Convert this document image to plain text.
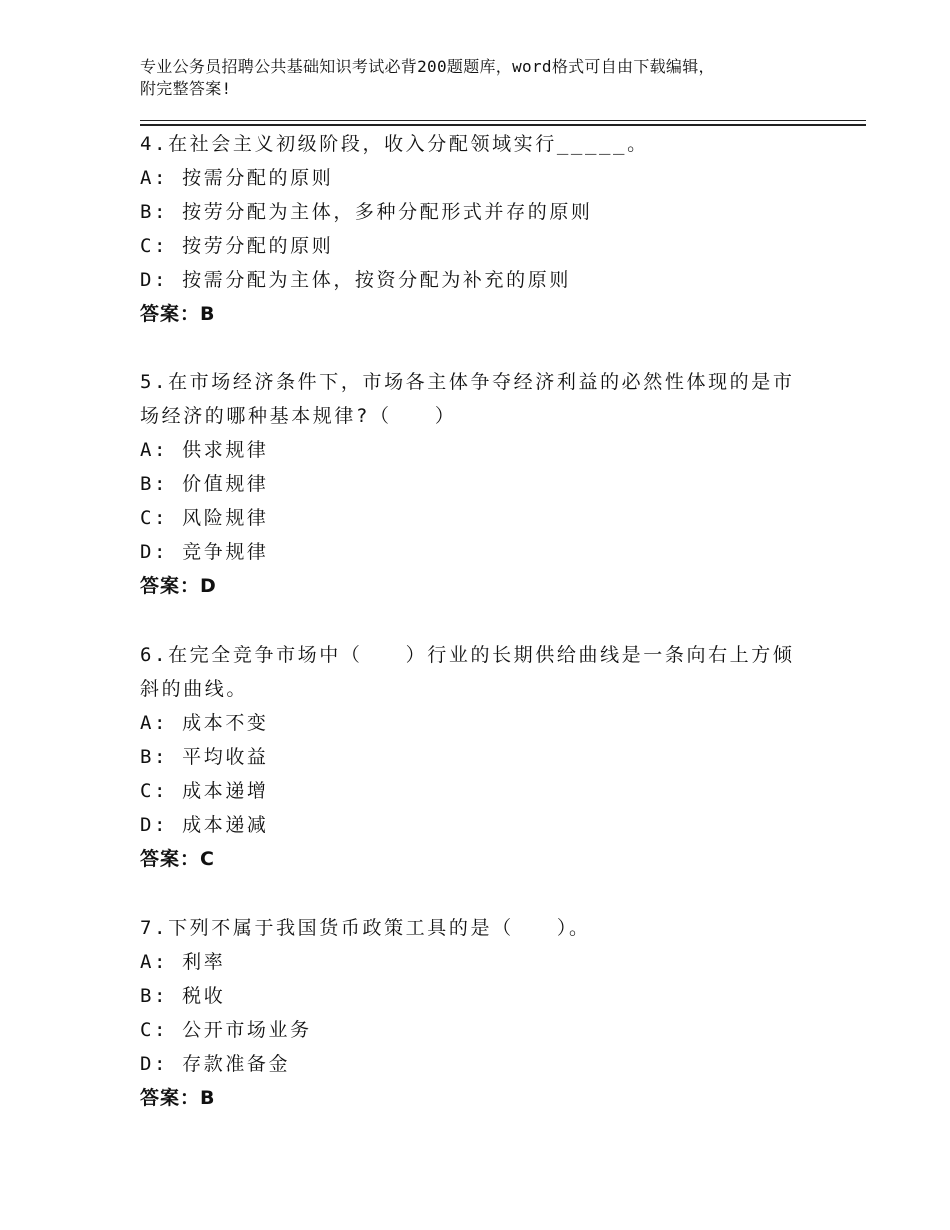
专业公务员招聘公共基础知识考试必背200题题库，word格式可自由下载编辑，
附完整答案!
4.在社会主义初级阶段，收入分配领域实行_____。
A: 按需分配的原则
B: 按劳分配为主体，多种分配形式并存的原则
C: 按劳分配的原则
D: 按需分配为主体，按资分配为补充的原则
答案：B
5.在市场经济条件下，市场各主体争夺经济利益的必然性体现的是市
场经济的哪种基本规律?（　　）
A: 供求规律
B: 价值规律
C: 风险规律
D: 竞争规律
答案：D
6.在完全竞争市场中（　　）行业的长期供给曲线是一条向右上方倾
斜的曲线。
A: 成本不变
B: 平均收益
C: 成本递增
D: 成本递减
答案：C
7.下列不属于我国货币政策工具的是（　　）。
A: 利率
B: 税收
C: 公开市场业务
D: 存款准备金
答案：B
